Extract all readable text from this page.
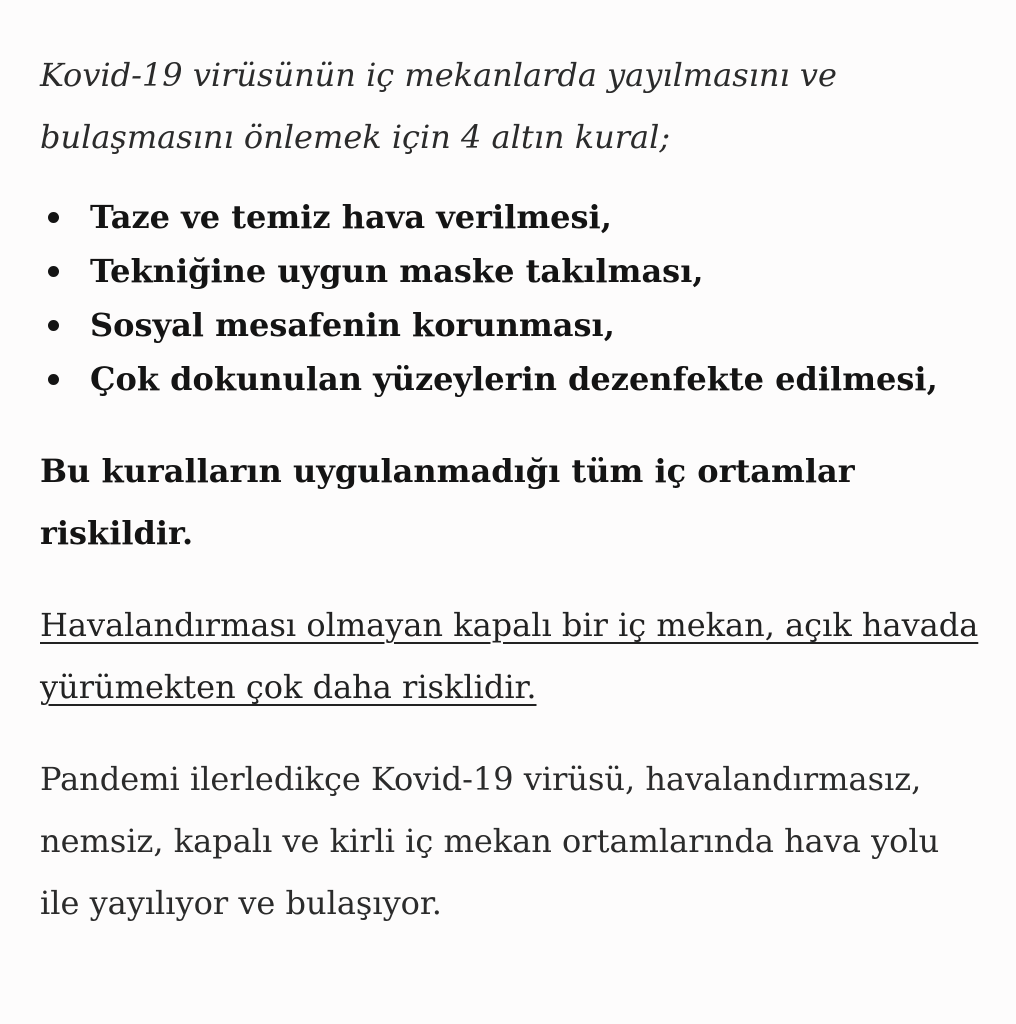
Kovid-19 virüsünün iç mekanlarda yayılmasını ve bulaşmasını önlemek için 4 altın kural;

Taze ve temiz hava verilmesi,
Tekniğine uygun maske takılması,
Sosyal mesafenin korunması,
Çok dokunulan yüzeylerin dezenfekte edilmesi,

Bu kuralların uygulanmadığı tüm iç ortamlar riskildir.

Havalandırması olmayan kapalı bir iç mekan, açık havada yürümekten çok daha risklidir.

Pandemi ilerledikçe Kovid-19 virüsü, havalandırmasız, nemsiz, kapalı ve kirli iç mekan ortamlarında hava yolu ile yayılıyor ve bulaşıyor.
